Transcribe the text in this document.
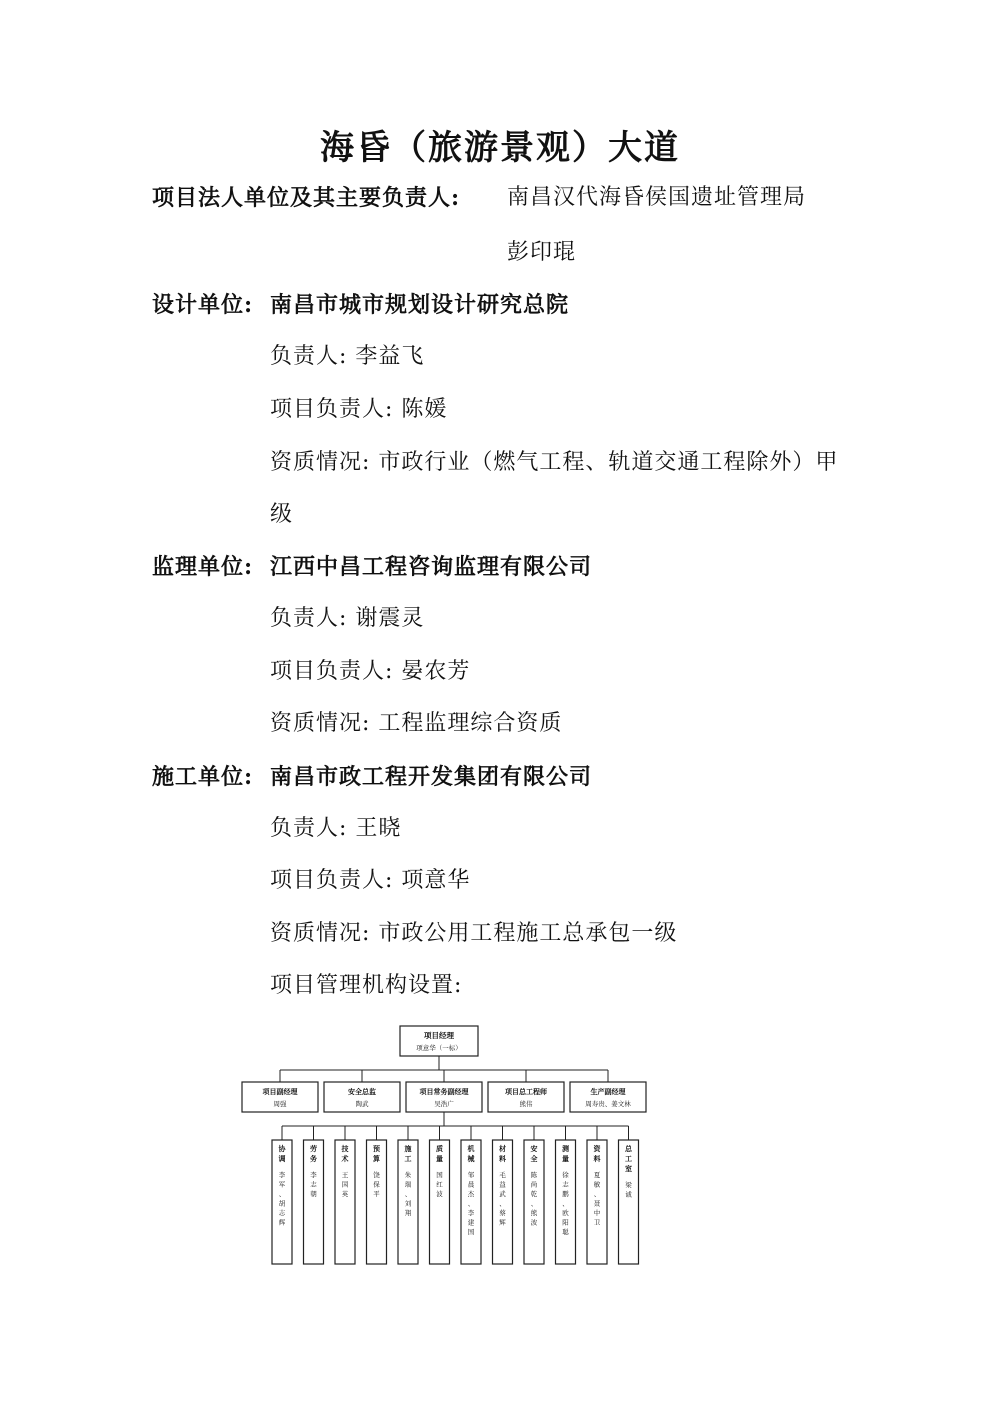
海昏（旅游景观）大道
项目法人单位及其主要负责人: 南昌汉代海昏侯国遗址管理局
彭印琨
设计单位: 南昌市城市规划设计研究总院
负责人: 李益飞
项目负责人: 陈媛
资质情况: 市政行业（燃气工程、轨道交通工程除外）甲
级
监理单位: 江西中昌工程咨询监理有限公司
负责人: 谢震灵
项目负责人: 晏农芳
资质情况: 工程监理综合资质
施工单位: 南昌市政工程开发集团有限公司
负责人: 王晓
项目负责人: 项意华
资质情况: 市政公用工程施工总承包一级
项目管理机构设置:
项目经理
项意华（一标）
项目副经理
周强
安全总监
陶武
项目常务副经理
吴浩广
项目总工程师
熊伟
生产副经理
周寿贵、姜文林
协
调
李
军
、
胡
志
辉
劳
务
李
志
朝
技
术
王
国
英
预
算
饶
保
平
施
工
朱
瑞
、
刘
翔
质
量
国
红
波
机
械
邹
晨
杰
、
李
建
国
材
料
毛
益
武
、
蔡
辉
安
全
陈
尚
乾
、
熊
波
测
量
徐
志
鹏
、
欧
阳
聪
资
料
夏
敏
、
聂
中
卫
总
工
室
梁
诚
